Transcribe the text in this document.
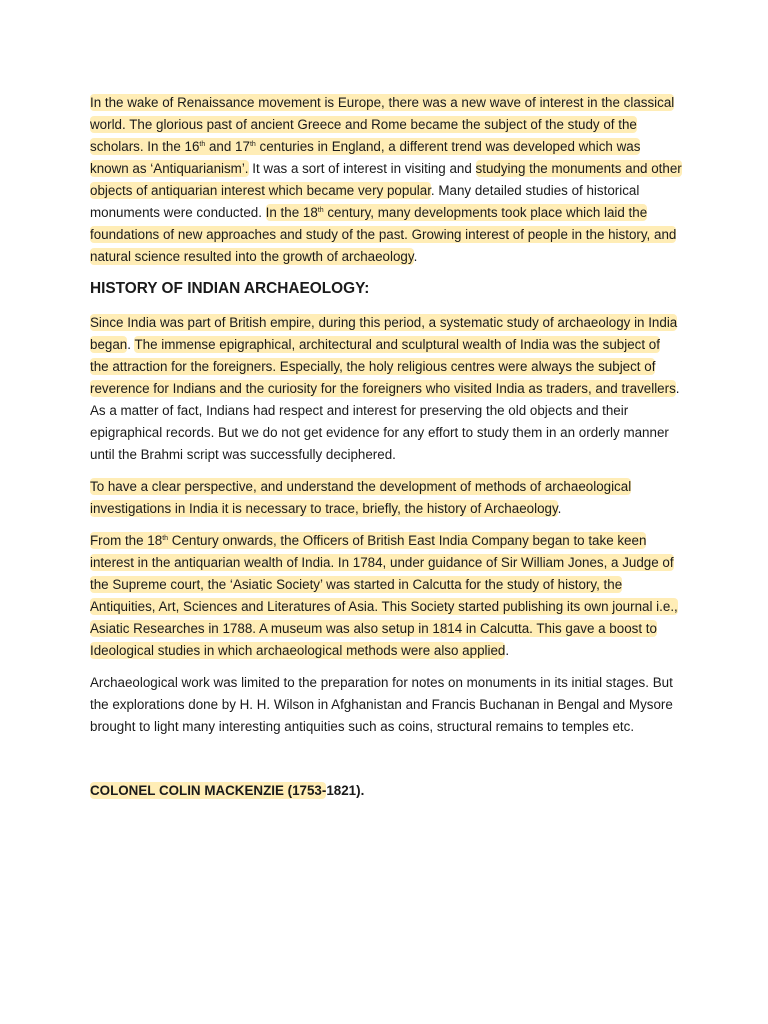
In the wake of Renaissance movement is Europe, there was a new wave of interest in the classical world. The glorious past of ancient Greece and Rome became the subject of the study of the scholars. In the 16th and 17th centuries in England, a different trend was developed which was known as ‘Antiquarianism’. It was a sort of interest in visiting and studying the monuments and other objects of antiquarian interest which became very popular. Many detailed studies of historical monuments were conducted. In the 18th century, many developments took place which laid the foundations of new approaches and study of the past. Growing interest of people in the history, and natural science resulted into the growth of archaeology.

HISTORY OF INDIAN ARCHAEOLOGY:

Since India was part of British empire, during this period, a systematic study of archaeology in India began. The immense epigraphical, architectural and sculptural wealth of India was the subject of the attraction for the foreigners. Especially, the holy religious centres were always the subject of reverence for Indians and the curiosity for the foreigners who visited India as traders, and travellers. As a matter of fact, Indians had respect and interest for preserving the old objects and their epigraphical records. But we do not get evidence for any effort to study them in an orderly manner until the Brahmi script was successfully deciphered.

To have a clear perspective, and understand the development of methods of archaeological investigations in India it is necessary to trace, briefly, the history of Archaeology.

From the 18th Century onwards, the Officers of British East India Company began to take keen interest in the antiquarian wealth of India. In 1784, under guidance of Sir William Jones, a Judge of the Supreme court, the ‘Asiatic Society’ was started in Calcutta for the study of history, the Antiquities, Art, Sciences and Literatures of Asia. This Society started publishing its own journal i.e., Asiatic Researches in 1788. A museum was also setup in 1814 in Calcutta. This gave a boost to Ideological studies in which archaeological methods were also applied.

Archaeological work was limited to the preparation for notes on monuments in its initial stages. But the explorations done by H. H. Wilson in Afghanistan and Francis Buchanan in Bengal and Mysore brought to light many interesting antiquities such as coins, structural remains to temples etc.

COLONEL COLIN MACKENZIE (1753-1821).
